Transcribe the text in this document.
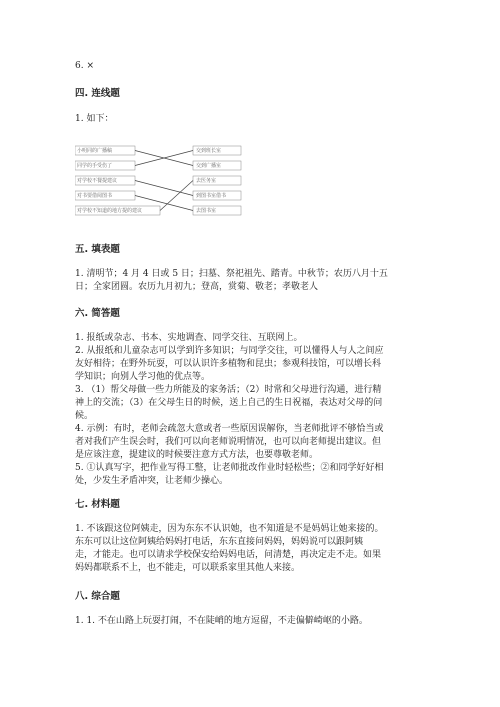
6. ×
四. 连线题
1. 如下：
小明同的广播稿
同学的手受伤了
对学校不餐提建议
对书要借阅图书
对学校不知道的地方提的建议
交到班长室
交到广播室
去医务室
到图书室借书
去图书室
五. 填表题
1. 清明节；4 月 4 日或 5 日；扫墓、祭祀祖先、踏青。中秋节；农历八月十五
日；全家团圆。农历九月初九；登高，赏菊、敬老；孝敬老人
六. 简答题
1. 报纸或杂志、书本、实地调查、同学交往、互联网上。
2. 从报纸和儿童杂志可以学到许多知识；与同学交往，可以懂得人与人之间应
友好相待；在野外玩耍，可以认识许多植物和昆虫；参观科技馆，可以增长科
学知识；向别人学习他的优点等。
3. （1）帮父母做一些力所能及的家务活；（2）时常和父母进行沟通，进行精
神上的交流；（3）在父母生日的时候，送上自己的生日祝福，表达对父母的问
候。
4. 示例：有时，老师会疏忽大意或者一些原因误解你，当老师批评不够恰当或
者对我们产生误会时，我们可以向老师说明情况，也可以向老师提出建议。但
是应该注意，提建议的时候要注意方式方法，也要尊敬老师。
5. ①认真写字，把作业写得工整，让老师批改作业时轻松些；②和同学好好相
处，少发生矛盾冲突，让老师少操心。
七. 材料题
1. 不该跟这位阿姨走，因为东东不认识她，也不知道是不是妈妈让她来接的。
东东可以让这位阿姨给妈妈打电话，东东直接问妈妈，妈妈说可以跟阿姨
走，才能走。也可以请求学校保安给妈妈电话，问清楚，再决定走不走。如果
妈妈都联系不上，也不能走，可以联系家里其他人来接。
八. 综合题
1. 1. 不在山路上玩耍打闹，不在陡峭的地方逗留，不走偏僻崎岖的小路。
